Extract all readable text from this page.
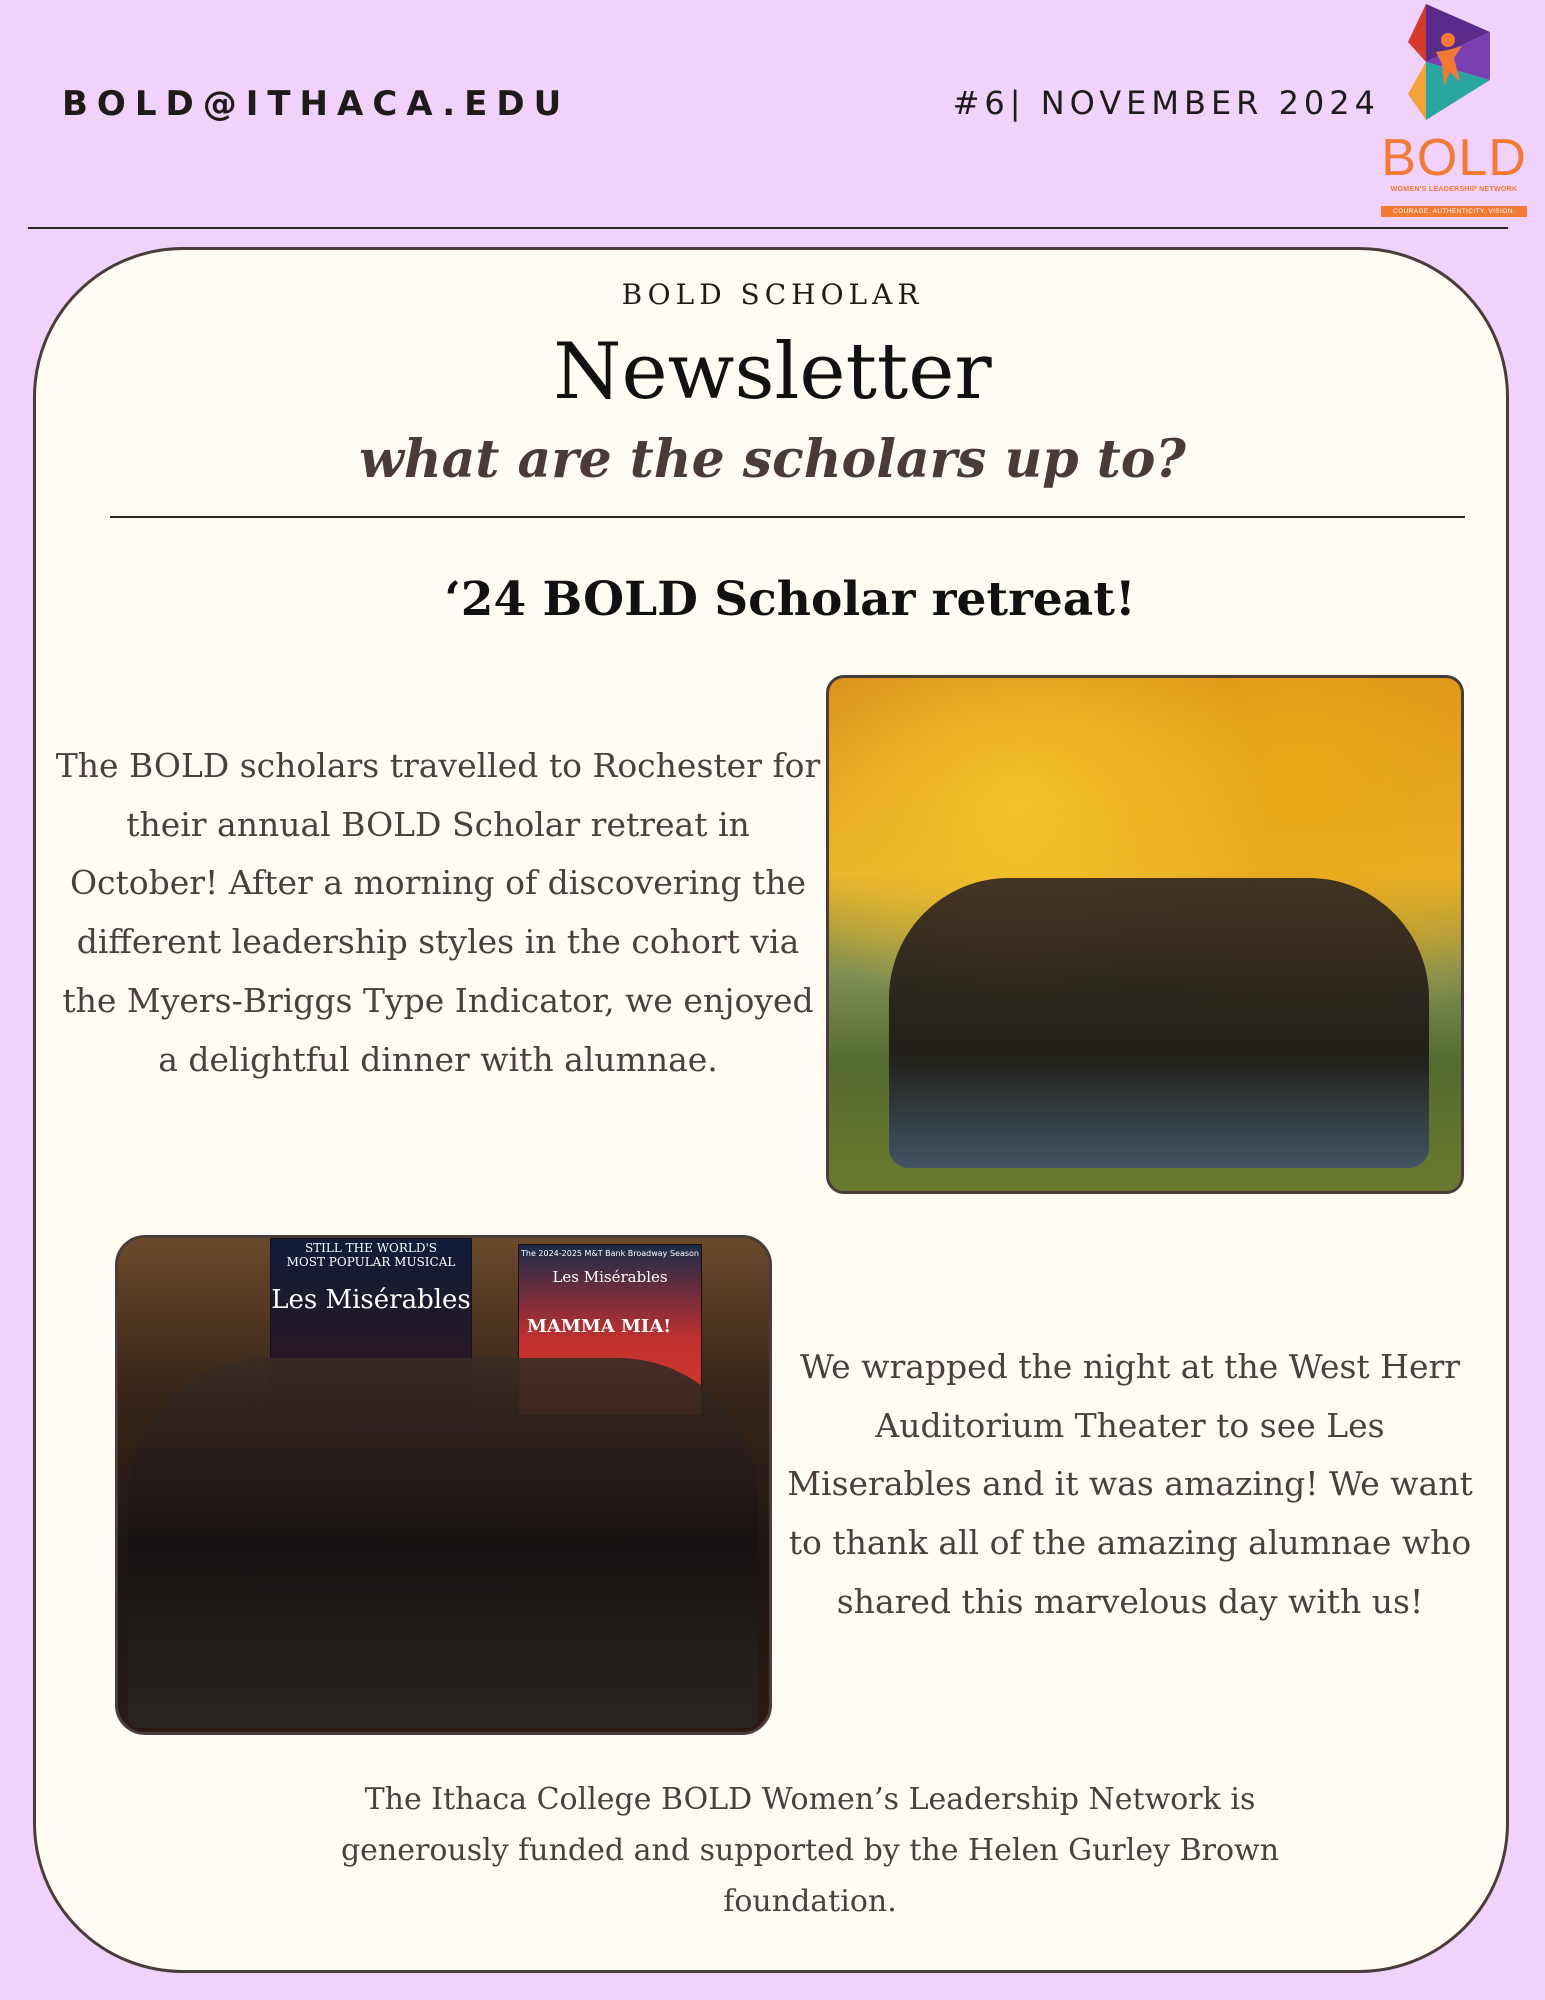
BOLD@ITHACA.EDU	#6| NOVEMBER 2024
BOLD
WOMEN'S LEADERSHIP NETWORK
COURAGE. AUTHENTICITY. VISION.
BOLD SCHOLAR
Newsletter
what are the scholars up to?
‘24 BOLD Scholar retreat!
The BOLD scholars travelled to Rochester for their annual BOLD Scholar retreat in October! After a morning of discovering the different leadership styles in the cohort via the Myers-Briggs Type Indicator, we enjoyed a delightful dinner with alumnae.
STILL THE WORLD'S
MOST POPULAR MUSICAL
Les Misérables
The 2024-2025 M&T Bank Broadway Season
Les Misérables
MAMMA MIA!
We wrapped the night at the West Herr Auditorium Theater to see Les Miserables and it was amazing! We want to thank all of the amazing alumnae who shared this marvelous day with us!
The Ithaca College BOLD Women’s Leadership Network is generously funded and supported by the Helen Gurley Brown foundation.
